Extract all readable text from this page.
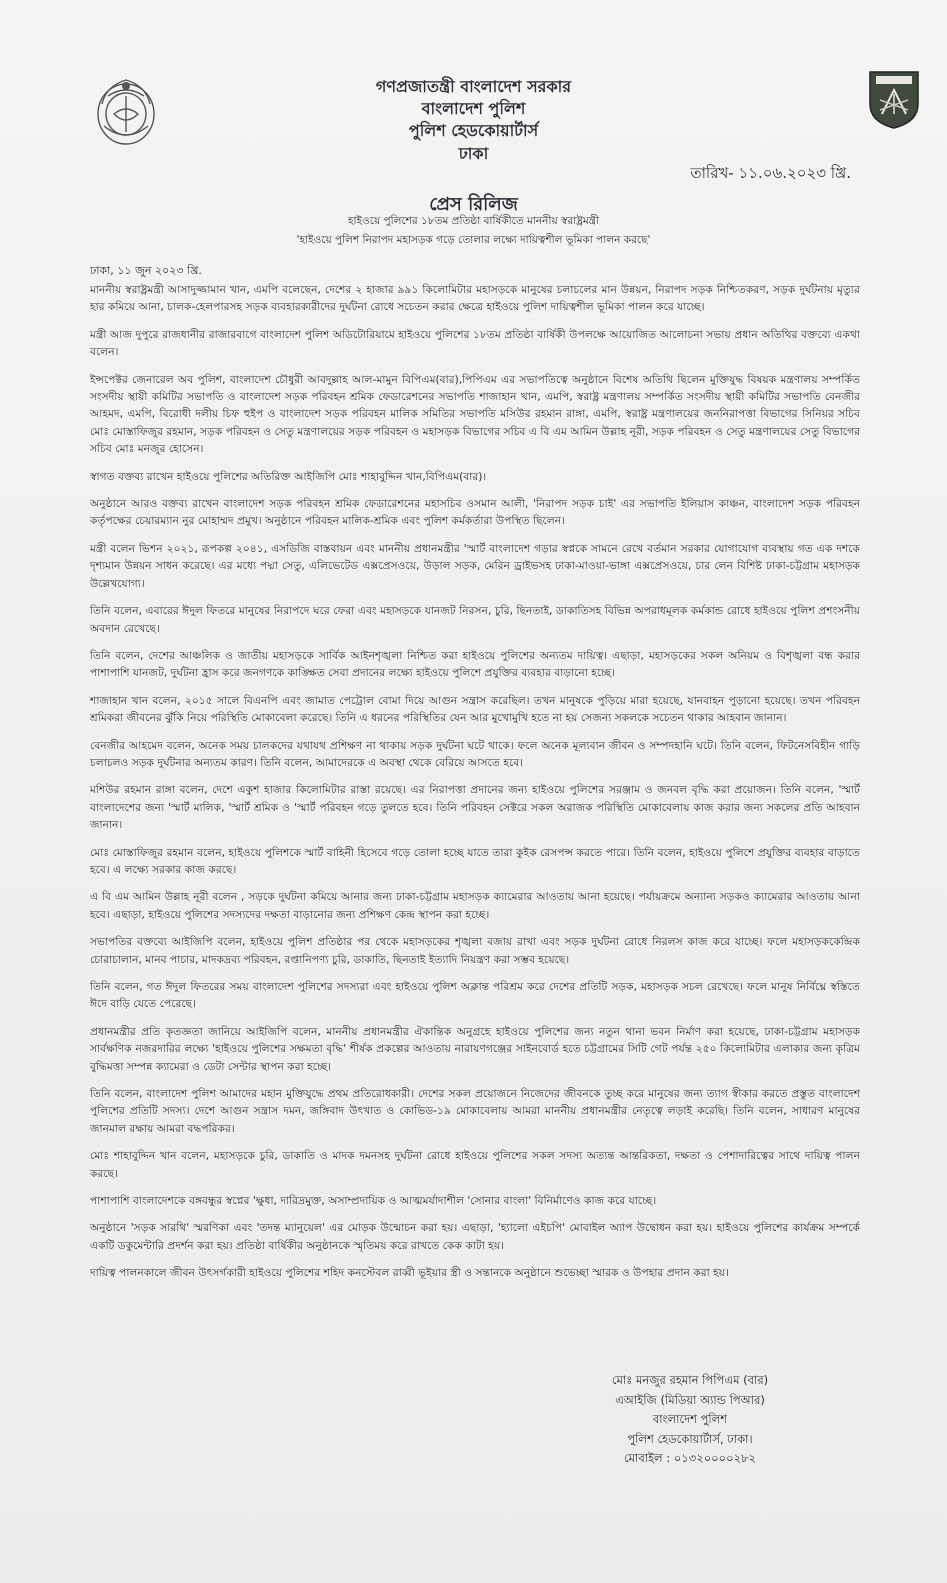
গণপ্রজাতন্ত্রী বাংলাদেশ সরকার
বাংলাদেশ পুলিশ
পুলিশ হেডকোয়ার্টার্স
ঢাকা
তারিখ- ১১.০৬.২০২৩ খ্রি.
প্রেস রিলিজ
হাইওয়ে পুলিশের ১৮তম প্রতিষ্ঠা বার্ষিকীতে মাননীয় স্বরাষ্ট্রমন্ত্রী
'হাইওয়ে পুলিশ নিরাপদ মহাসড়ক গড়ে তোলার লক্ষ্যে দায়িত্বশীল ভূমিকা পালন করছে'
ঢাকা, ১১ জুন ২০২৩ খ্রি.

মাননীয় স্বরাষ্ট্রমন্ত্রী আসাদুজ্জামান খান, এমপি বলেছেন, দেশের ২ হাজার ৯৯১ কিলোমিটার মহাসড়কে মানুষের চলাচলের মান উন্নয়ন, নিরাপদ সড়ক নিশ্চিতকরণ, সড়ক দুর্ঘটনায় মৃত্যুর হার কমিয়ে আনা, চালক-হেলপারসহ সড়ক ব্যবহারকারীদের দুর্ঘটনা রোধে সচেতন করার ক্ষেত্রে হাইওয়ে পুলিশ দায়িত্বশীল ভূমিকা পালন করে যাচ্ছে।

মন্ত্রী আজ দুপুরে রাজধানীর রাজারবাগে বাংলাদেশ পুলিশ অডিটোরিয়ামে হাইওয়ে পুলিশের ১৮তম প্রতিষ্ঠা বার্ষিকী উপলক্ষে আয়োজিত আলোচনা সভায় প্রধান অতিথির বক্তব্যে একথা বলেন।

ইন্সপেক্টর জেনারেল অব পুলিশ, বাংলাদেশ চৌধুরী আবদুল্লাহ আল-মামুন বিপিএম(বার),পিপিএম এর সভাপতিত্বে অনুষ্ঠানে বিশেষ অতিথি ছিলেন মুক্তিযুদ্ধ বিষয়ক মন্ত্রণালয় সম্পর্কিত সংসদীয় স্থায়ী কমিটির সভাপতি ও বাংলাদেশ সড়ক পরিবহন শ্রমিক ফেডারেশনের সভাপতি শাজাহান খান, এমপি, স্বরাষ্ট্র মন্ত্রণালয় সম্পর্কিত সংসদীয় স্থায়ী কমিটির সভাপতি বেনজীর আহমদ, এমপি, বিরোধী দলীয় চিফ হুইপ ও বাংলাদেশ সড়ক পরিবহন মালিক সমিতির সভাপতি মসিউর রহমান রাঙ্গা, এমপি, স্বরাষ্ট্র মন্ত্রণালয়ের জননিরাপত্তা বিভাগের সিনিয়র সচিব মোঃ মোস্তাফিজুর রহমান, সড়ক পরিবহন ও সেতু মন্ত্রণালয়ের সড়ক পরিবহন ও মহাসড়ক বিভাগের সচিব এ বি এম আমিন উল্লাহ নূরী, সড়ক পরিবহন ও সেতু মন্ত্রণালয়ের সেতু বিভাগের সচিব মোঃ মনজুর হোসেন।

স্বাগত বক্তব্য রাখেন হাইওয়ে পুলিশের অতিরিক্ত আইজিপি মোঃ শাহাবুদ্দিন খান,বিপিএম(বার)।

অনুষ্ঠানে আরও বক্তব্য রাখেন বাংলাদেশ সড়ক পরিবহন শ্রমিক ফেডারেশনের মহাসচিব ওসমান আলী, 'নিরাপদ সড়ক চাই' এর সভাপতি ইলিয়াস কাঞ্চন, বাংলাদেশ সড়ক পরিবহন কর্তৃপক্ষের চেয়ারম্যান নুর মোহাম্মদ প্রমুখ। অনুষ্ঠানে পরিবহন মালিক-শ্রমিক এবং পুলিশ কর্মকর্তারা উপস্থিত ছিলেন।

মন্ত্রী বলেন ভিশন ২০২১, রূপকল্প ২০৪১, এসডিজি বাস্তবায়ন এবং মাননীয় প্রধানমন্ত্রীর 'স্মার্ট বাংলাদেশ গড়ার স্বপ্নকে সামনে রেখে বর্তমান সরকার যোগাযোগ ব্যবস্থায় গত এক দশকে দৃশ্যমান উন্নয়ন সাধন করেছে। এর মধ্যে পদ্মা সেতু, এলিভেটেড এক্সপ্রেসওয়ে, উড়াল সড়ক, মেরিন ড্রাইভসহ ঢাকা-মাওয়া-ভাঙ্গা এক্সপ্রেসওয়ে, চার লেন বিশিষ্ট ঢাকা-চট্টগ্রাম মহাসড়ক উল্লেখযোগ্য।

তিনি বলেন, এবারের ঈদুল ফিতরে মানুষের নিরাপদে ঘরে ফেরা এবং মহাসড়কে যানজট নিরসন, চুরি, ছিনতাই, ডাকাতিসহ বিভিন্ন অপরাধমূলক কর্মকান্ড রোধে হাইওয়ে পুলিশ প্রশংসনীয় অবদান রেখেছে।

তিনি বলেন, দেশের আঞ্চলিক ও জাতীয় মহাসড়কে সার্বিক আইনশৃঙ্খলা নিশ্চিত করা হাইওয়ে পুলিশের অন্যতম দায়িত্ব। এছাড়া, মহাসড়কের সকল অনিয়ম ও বিশৃঙ্খলা বন্ধ করার পাশাপাশি যানজট, দুর্ঘটনা হ্রাস করে জনগণকে কাঙ্ক্ষিত সেবা প্রদানের লক্ষ্যে হাইওয়ে পুলিশে প্রযুক্তির ব্যবহার বাড়ানো হচ্ছে।

শাজাহান খান বলেন, ২০১৫ সালে বিএনপি এবং জামাত পেট্রোল বোমা দিয়ে আগুন সন্ত্রাস করেছিল। তখন মানুষকে পুড়িয়ে মারা হয়েছে, যানবাহন পুড়ানো হয়েছে। তখন পরিবহন শ্রমিকরা জীবনের ঝুঁকি নিয়ে পরিস্থিতি মোকাবেলা করেছে। তিনি এ ধরনের পরিস্থিতির যেন আর মুখোমুখি হতে না হয় সেজন্য সকলকে সচেতন থাকার আহবান জানান।

বেনজীর আহমেদ বলেন, অনেক সময় চালকদের যথাযথ প্রশিক্ষণ না থাকায় সড়ক দুর্ঘটনা ঘটে থাকে। ফলে অনেক মূল্যবান জীবন ও সম্পদহানি ঘটে। তিনি বলেন, ফিটনেসবিহীন গাড়ি চলাচলও সড়ক দুর্ঘটনার অন্যতম কারণ। তিনি বলেন, আমাদেরকে এ অবস্থা থেকে বেরিয়ে আসতে হবে।

মশিউর রহমান রাঙ্গা বলেন, দেশে একুশ হাজার কিলোমিটার রাস্তা রয়েছে। এর নিরাপত্তা প্রদানের জন্য হাইওয়ে পুলিশের সরঞ্জাম ও জনবল বৃদ্ধি করা প্রয়োজন। তিনি বলেন, 'স্মার্ট বাংলাদেশের জন্য 'স্মার্ট মালিক, 'স্মার্ট শ্রমিক ও 'স্মার্ট পরিবহন গড়ে তুলতে হবে। তিনি পরিবহন সেক্টরে সকল অরাজক পরিস্থিতি মোকাবেলায় কাজ করার জন্য সকলের প্রতি আহবান জানান।

মোঃ মোস্তাফিজুর রহমান বলেন, হাইওয়ে পুলিশকে স্মার্ট বাহিনী হিসেবে গড়ে তোলা হচ্ছে যাতে তারা কুইক রেসপন্স করতে পারে। তিনি বলেন, হাইওয়ে পুলিশে প্রযুক্তির ব্যবহার বাড়াতে হবে। এ লক্ষ্যে সরকার কাজ করছে।

এ বি এম আমিন উল্লাহ নূরী বলেন , সড়কে দুর্ঘটনা কমিয়ে আনার জন্য ঢাকা-চট্টগ্রাম মহাসড়ক ক্যামেরার আওতায় আনা হয়েছে। পর্যায়ক্রমে অন্যান্য সড়কও ক্যামেরার আওতায় আনা হবে। এছাড়া, হাইওয়ে পুলিশের সদস্যদের দক্ষতা বাড়ানোর জন্য প্রশিক্ষণ কেন্দ্র স্থাপন করা হচ্ছে।

সভাপতির বক্তব্যে আইজিপি বলেন, হাইওয়ে পুলিশ প্রতিষ্ঠার পর থেকে মহাসড়কের শৃঙ্খলা বজায় রাখা এবং সড়ক দুর্ঘটনা রোধে নিরলস কাজ করে যাচ্ছে। ফলে মহাসড়ককেন্দ্রিক চোরাচালান, মানব পাচার, মাদকদ্রব্য পরিবহন, রপ্তানিপণ্য চুরি, ডাকাতি, ছিনতাই ইত্যাদি নিয়ন্ত্রণ করা সম্ভব হয়েছে।

তিনি বলেন, গত ঈদুল ফিতরের সময় বাংলাদেশ পুলিশের সদস্যরা এবং হাইওয়ে পুলিশ অক্লান্ত পরিশ্রম করে দেশের প্রতিটি সড়ক, মহাসড়ক সচল রেখেছে। ফলে মানুষ নির্বিঘ্নে স্বস্তিতে ঈদে বাড়ি যেতে পেরেছে।

প্রধানমন্ত্রীর প্রতি কৃতজ্ঞতা জানিয়ে আইজিপি বলেন, মাননীয় প্রধানমন্ত্রীর ঐকান্তিক অনুগ্রহে হাইওয়ে পুলিশের জন্য নতুন থানা ভবন নির্মাণ করা হয়েছে, ঢাকা-চট্টগ্রাম মহাসড়ক সার্বক্ষণিক নজরদারির লক্ষ্যে 'হাইওয়ে পুলিশের সক্ষমতা বৃদ্ধি' শীর্ষক প্রকল্পের আওতায় নারায়ণগঞ্জের সাইনবোর্ড হতে চট্টগ্রামের সিটি গেট পর্যন্ত ২৫০ কিলোমিটার এলাকার জন্য কৃত্রিম বুদ্ধিমত্তা সম্পন্ন ক্যামেরা ও ডেটা সেন্টার স্থাপন করা হচ্ছে।

তিনি বলেন, বাংলাদেশ পুলিশ আমাদের মহান মুক্তিযুদ্ধে প্রথম প্রতিরোধকারী। দেশের সকল প্রয়োজনে নিজেদের জীবনকে তুচ্ছ করে মানুষের জন্য ত্যাগ স্বীকার করতে প্রস্তুত বাংলাদেশ পুলিশের প্রতিটি সদস্য। দেশে আগুন সন্ত্রাস দমন, জঙ্গিবাদ উৎখাত ও কোভিড-১৯ মোকাবেলায় আমরা মাননীয় প্রধানমন্ত্রীর নেতৃত্বে লড়াই করেছি। তিনি বলেন, সাধারণ মানুষের জানমাল রক্ষায় আমরা বদ্ধপরিকর।

মোঃ শাহাবুদ্দিন খান বলেন, মহাসড়কে চুরি, ডাকাতি ও মাদক দমনসহ দুর্ঘটনা রোধে হাইওয়ে পুলিশের সকল সদস্য অত্যন্ত আন্তরিকতা, দক্ষতা ও পেশাদারিত্বের সাথে দায়িত্ব পালন করছে।

পাশাপাশি বাংলাদেশকে বঙ্গবন্ধুর স্বপ্নের 'ক্ষুধা, দারিদ্রমুক্ত, অসাম্প্রদায়িক ও আত্মমর্যাদাশীল 'সোনার বাংলা' বিনির্মাণেও কাজ করে যাচ্ছে।

অনুষ্ঠানে 'সড়ক সারথি' স্মরণিকা এবং 'তদন্ত ম্যানুয়েল' এর মোড়ক উন্মোচন করা হয়। এছাড়া, 'হ্যালো এইচপি' মোবাইল অ্যাপ উদ্বোধন করা হয়। হাইওয়ে পুলিশের কার্যক্রম সম্পর্কে একটি ডকুমেন্টারি প্রদর্শন করা হয়। প্রতিষ্ঠা বার্ষিকীর অনুষ্ঠানকে স্মৃতিময় করে রাখতে কেক কাটা হয়।

দায়িত্ব পালনকালে জীবন উৎসর্গকারী হাইওয়ে পুলিশের শহিদ কনস্টেবল রাব্বী ভূইয়ার স্ত্রী ও সন্তানকে অনুষ্ঠানে শুভেচ্ছা স্মারক ও উপহার প্রদান করা হয়।

মোঃ মনজুর রহমান পিপিএম (বার)
এআইজি (মিডিয়া অ্যান্ড পিআর)
বাংলাদেশ পুলিশ
পুলিশ হেডকোয়ার্টার্স, ঢাকা।
মোবাইল : ০১৩২০০০০২৮২
